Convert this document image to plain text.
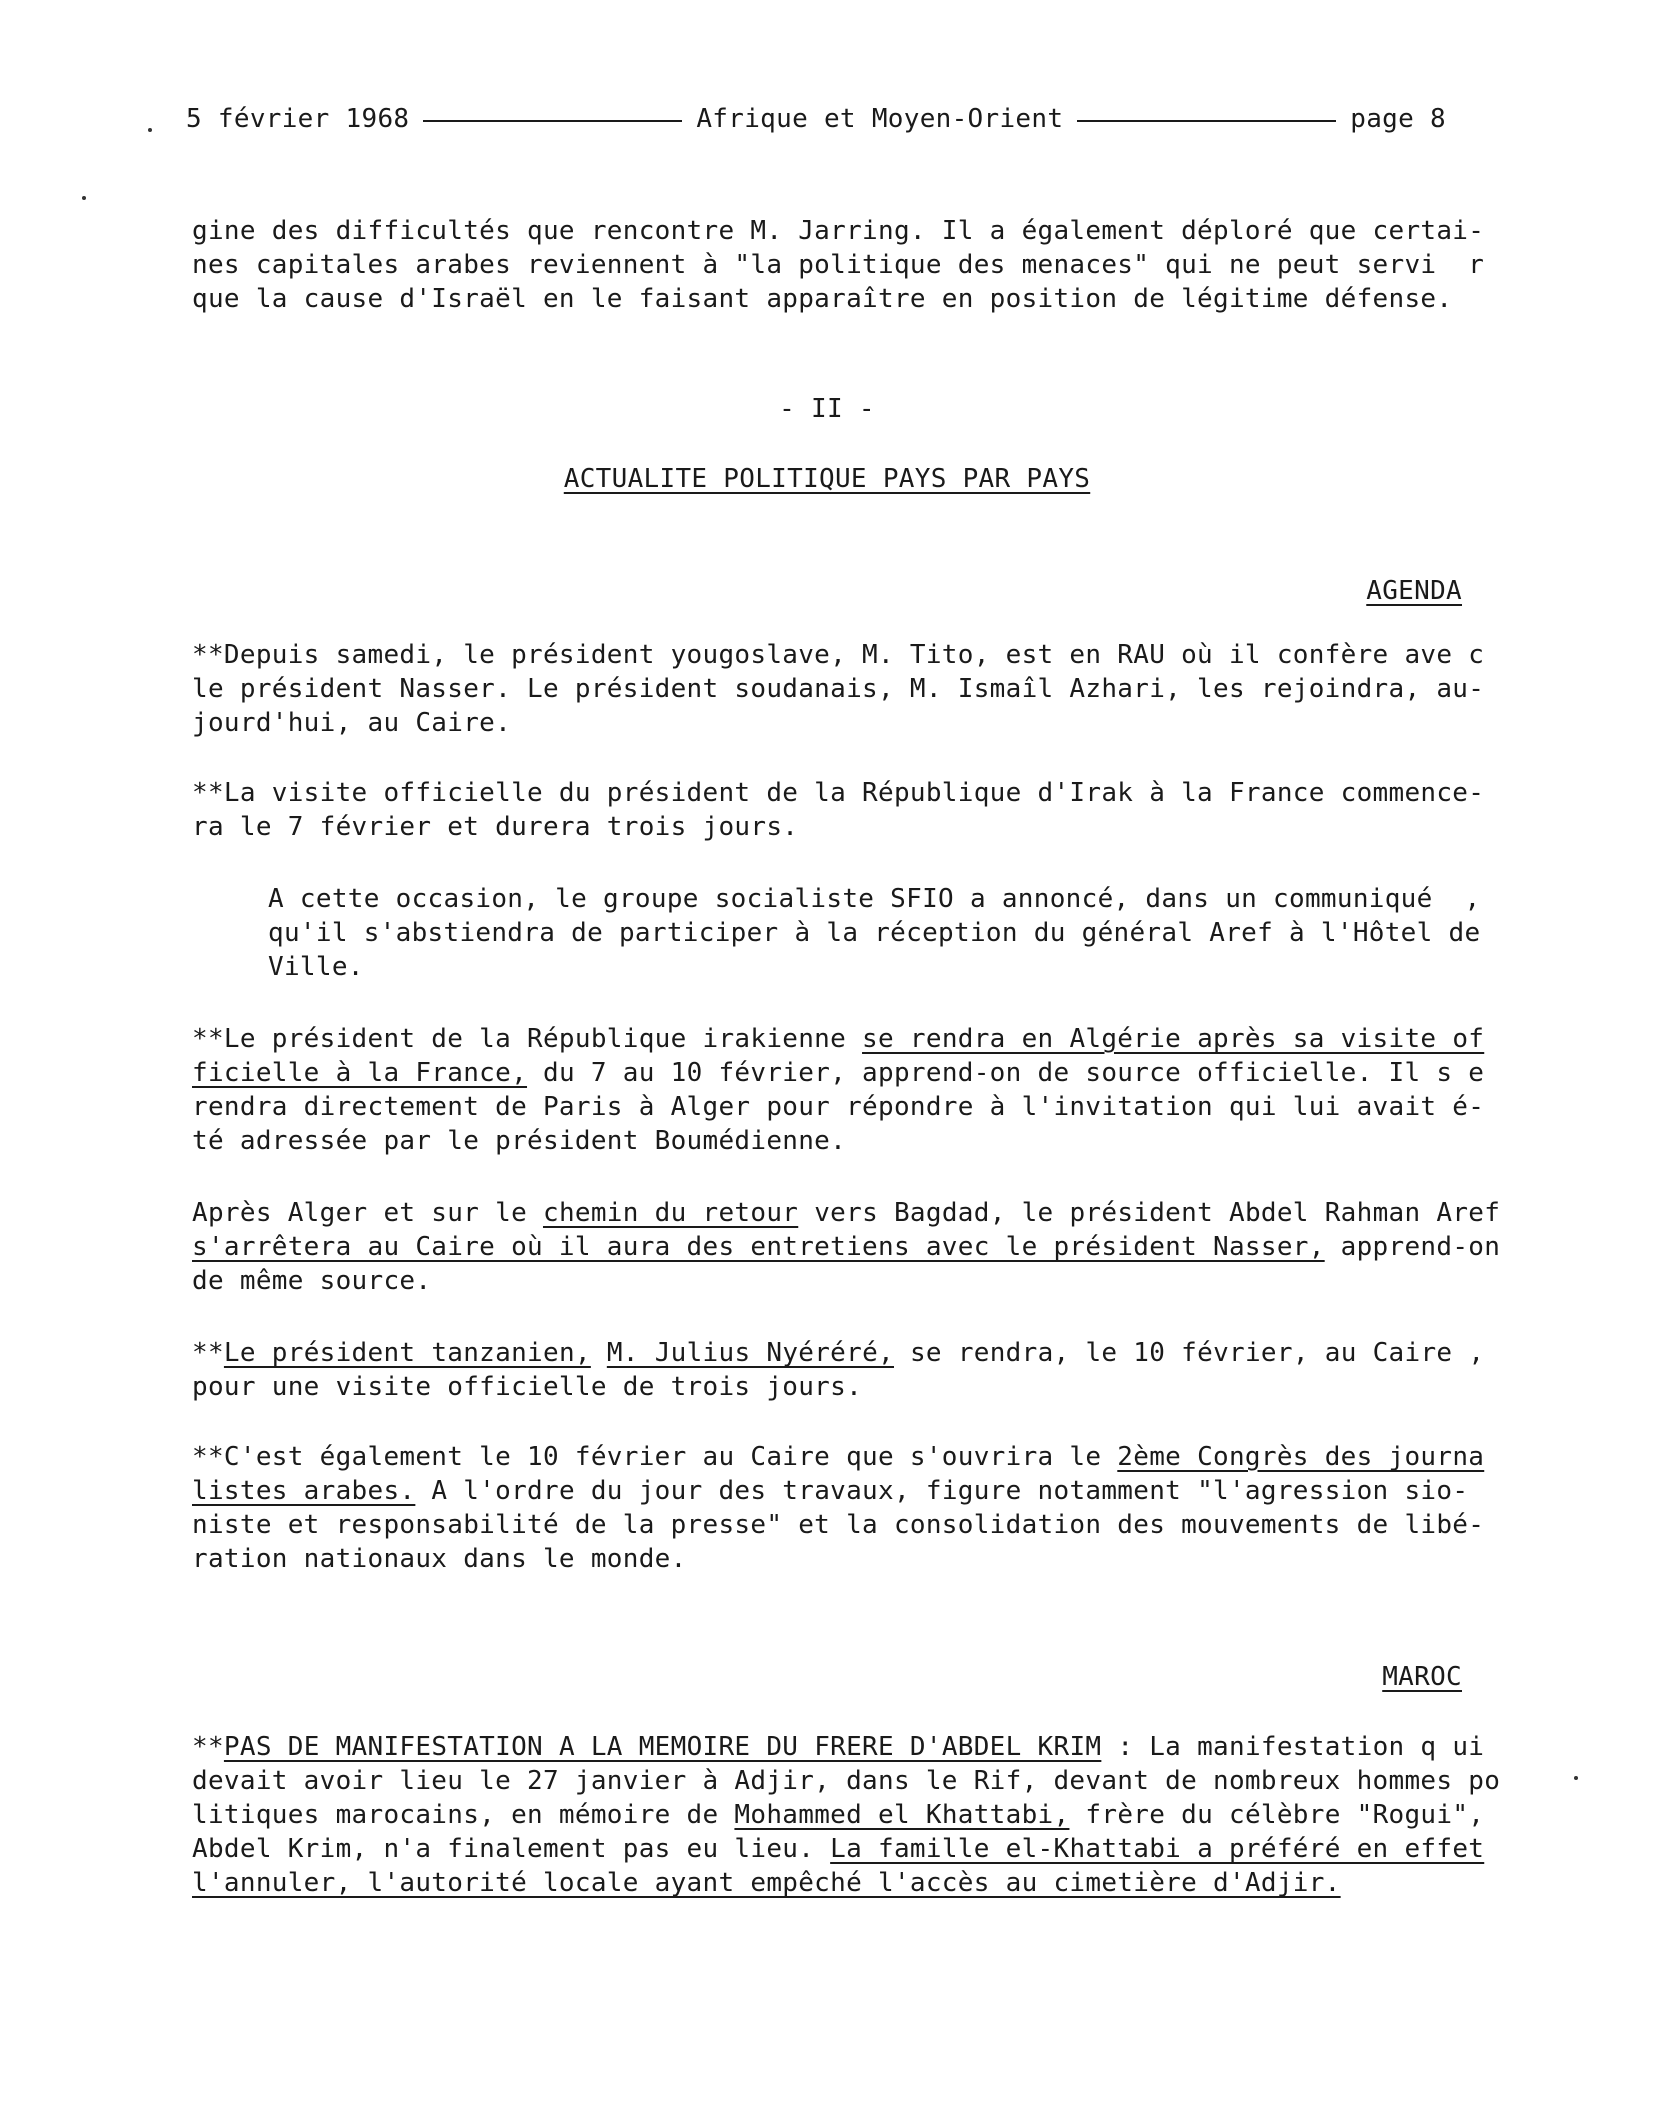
5 février 1968	Afrique et Moyen-Orient	page 8
gine des difficultés que rencontre M. Jarring. Il a également déploré que certai-
nes capitales arabes reviennent à "la politique des menaces" qui ne peut servi  r
que la cause d'Israël en le faisant apparaître en position de légitime défense.
- II -
ACTUALITE POLITIQUE PAYS PAR PAYS
AGENDA
**Depuis samedi, le président yougoslave, M. Tito, est en RAU où il confère ave c
le président Nasser. Le président soudanais, M. Ismaîl Azhari, les rejoindra, au-
jourd'hui, au Caire.
**La visite officielle du président de la République d'Irak à la France commence-
ra le 7 février et durera trois jours.
A cette occasion, le groupe socialiste SFIO a annoncé, dans un communiqué  ,
qu'il s'abstiendra de participer à la réception du général Aref à l'Hôtel de
Ville.
**Le président de la République irakienne se rendra en Algérie après sa visite of
ficielle à la France, du 7 au 10 février, apprend-on de source officielle. Il s e
rendra directement de Paris à Alger pour répondre à l'invitation qui lui avait é-
té adressée par le président Boumédienne.
Après Alger et sur le chemin du retour vers Bagdad, le président Abdel Rahman Aref
s'arrêtera au Caire où il aura des entretiens avec le président Nasser, apprend-on
de même source.
**Le président tanzanien, M. Julius Nyéréré, se rendra, le 10 février, au Caire ,
pour une visite officielle de trois jours.
**C'est également le 10 février au Caire que s'ouvrira le 2ème Congrès des journa
listes arabes. A l'ordre du jour des travaux, figure notamment "l'agression sio-
niste et responsabilité de la presse" et la consolidation des mouvements de libé-
ration nationaux dans le monde.
MAROC
**PAS DE MANIFESTATION A LA MEMOIRE DU FRERE D'ABDEL KRIM : La manifestation q ui
devait avoir lieu le 27 janvier à Adjir, dans le Rif, devant de nombreux hommes po
litiques marocains, en mémoire de Mohammed el Khattabi, frère du célèbre "Rogui",
Abdel Krim, n'a finalement pas eu lieu. La famille el-Khattabi a préféré en effet
l'annuler, l'autorité locale ayant empêché l'accès au cimetière d'Adjir.
